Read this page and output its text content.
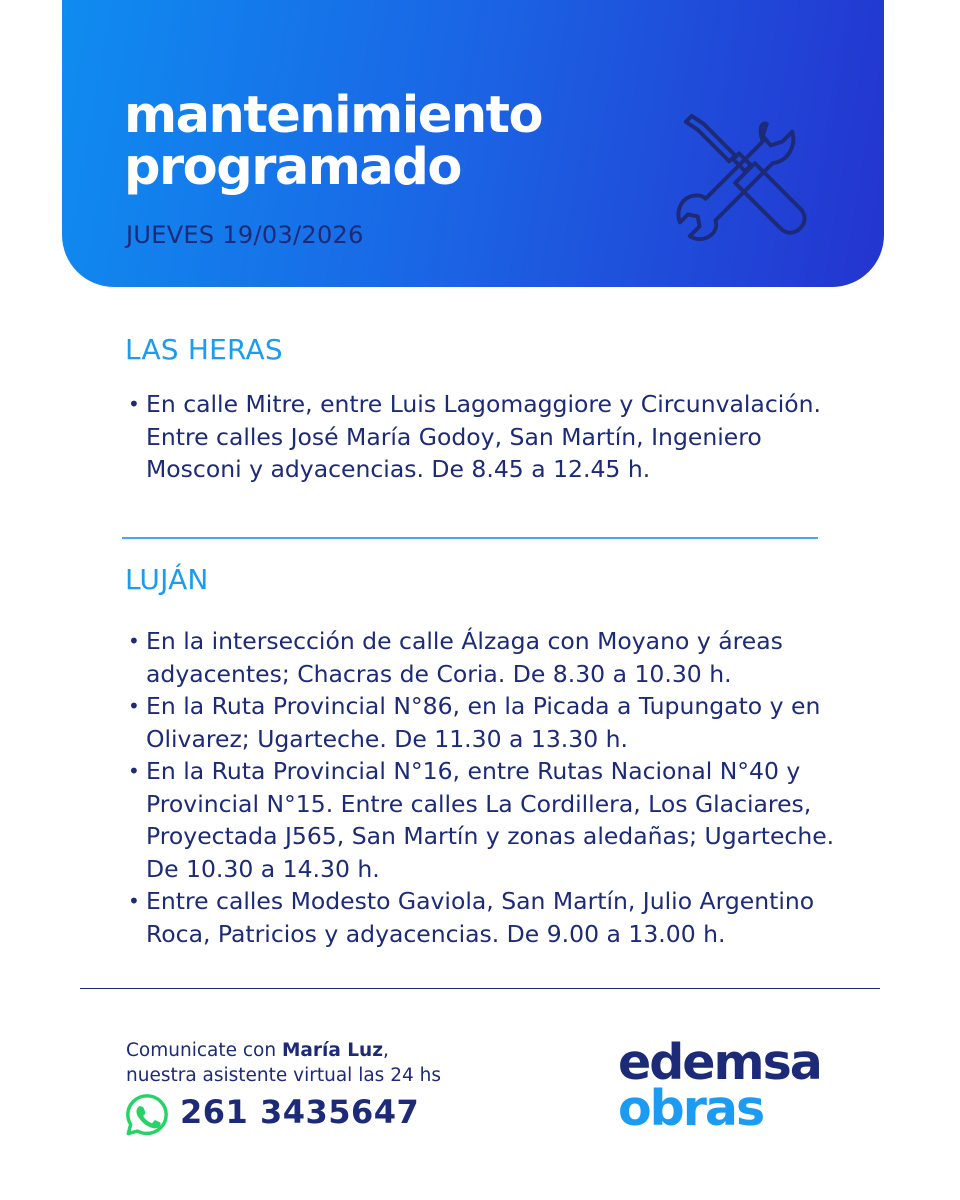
mantenimiento
programado
JUEVES 19/03/2026
LAS HERAS
• En calle Mitre, entre Luis Lagomaggiore y Circunvalación. Entre calles José María Godoy, San Martín, Ingeniero Mosconi y adyacencias. De 8.45 a 12.45 h.
LUJÁN
• En la intersección de calle Álzaga con Moyano y áreas adyacentes; Chacras de Coria. De 8.30 a 10.30 h.
• En la Ruta Provincial N°86, en la Picada a Tupungato y en Olivarez; Ugarteche. De 11.30 a 13.30 h.
• En la Ruta Provincial N°16, entre Rutas Nacional N°40 y Provincial N°15. Entre calles La Cordillera, Los Glaciares, Proyectada J565, San Martín y zonas aledañas; Ugarteche. De 10.30 a 14.30 h.
• Entre calles Modesto Gaviola, San Martín, Julio Argentino Roca, Patricios y adyacencias. De 9.00 a 13.00 h.
Comunicate con María Luz,
nuestra asistente virtual las 24 hs
261 3435647
edemsa
obras
